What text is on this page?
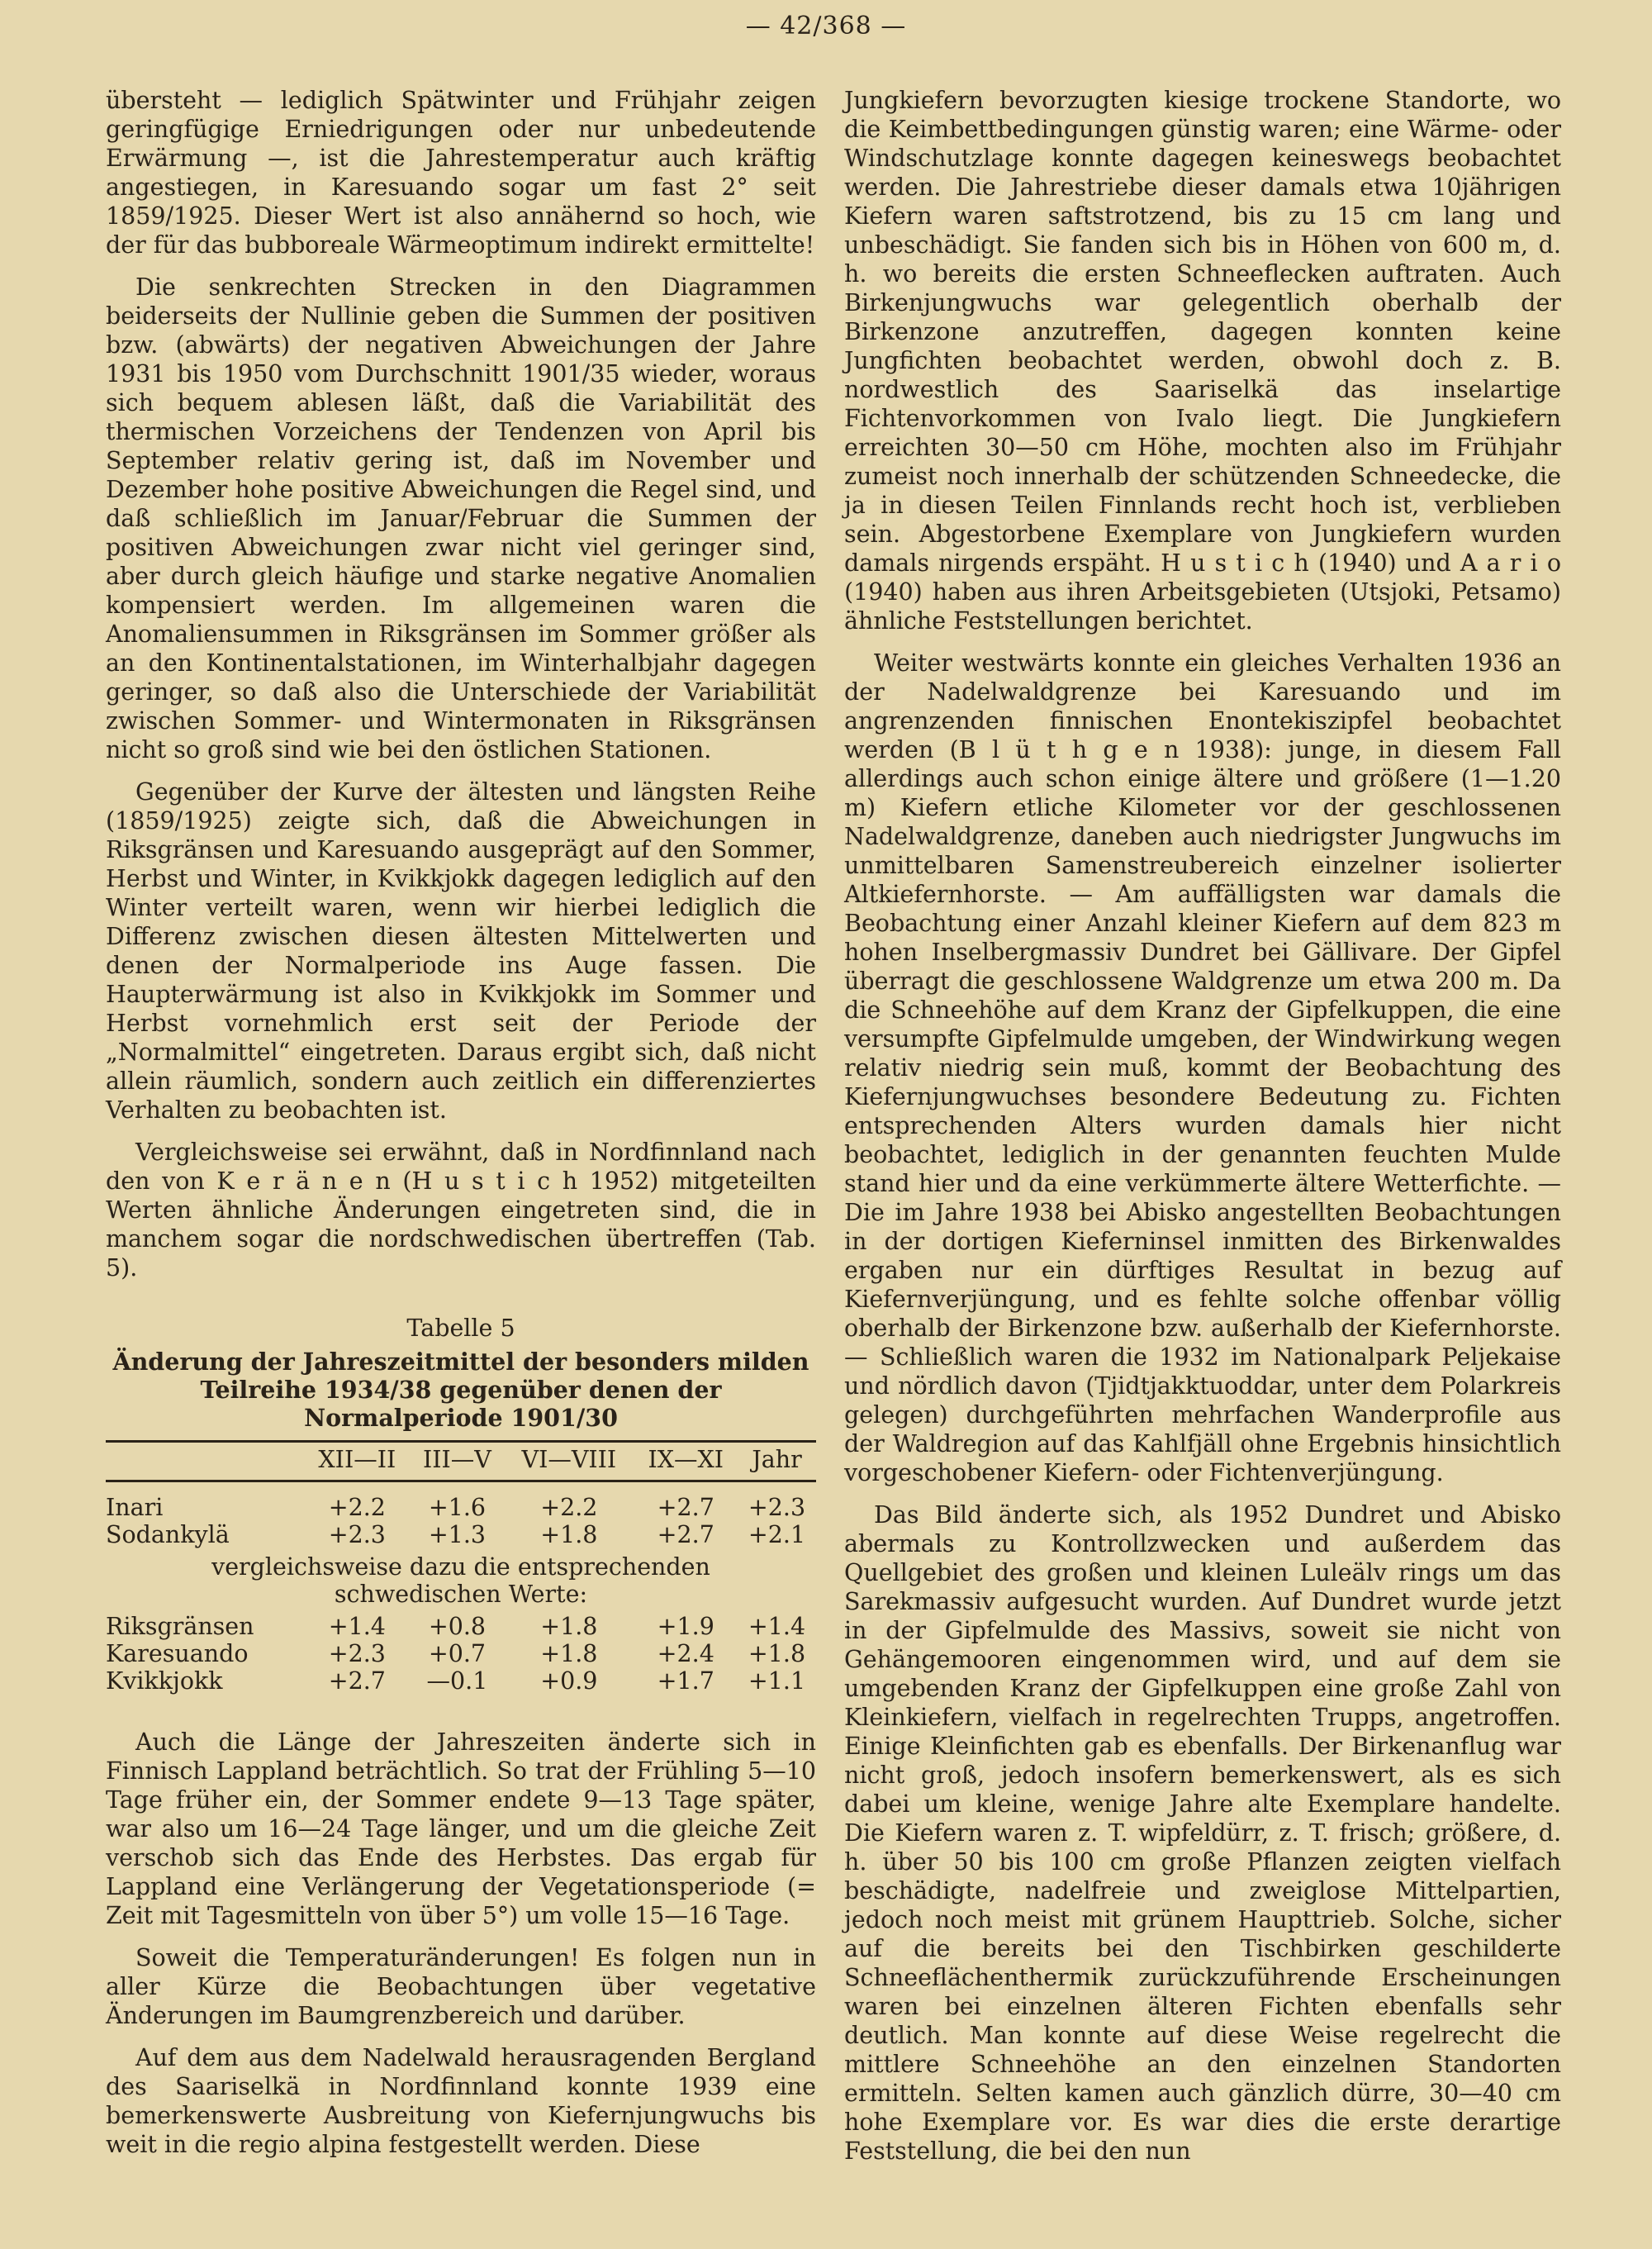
— 42/368 —

übersteht — lediglich Spätwinter und Frühjahr zeigen geringfügige Erniedrigungen oder nur unbedeutende Erwärmung —, ist die Jahrestemperatur auch kräftig angestiegen, in Karesuando sogar um fast 2° seit 1859/1925. Dieser Wert ist also annähernd so hoch, wie der für das bubboreale Wärmeoptimum indirekt ermittelte!

Die senkrechten Strecken in den Diagrammen beiderseits der Nullinie geben die Summen der positiven bzw. (abwärts) der negativen Abweichungen der Jahre 1931 bis 1950 vom Durchschnitt 1901/35 wieder, woraus sich bequem ablesen läßt, daß die Variabilität des thermischen Vorzeichens der Tendenzen von April bis September relativ gering ist, daß im November und Dezember hohe positive Abweichungen die Regel sind, und daß schließlich im Januar/Februar die Summen der positiven Abweichungen zwar nicht viel geringer sind, aber durch gleich häufige und starke negative Anomalien kompensiert werden. Im allgemeinen waren die Anomaliensummen in Riksgränsen im Sommer größer als an den Kontinentalstationen, im Winterhalbjahr dagegen geringer, so daß also die Unterschiede der Variabilität zwischen Sommer- und Wintermonaten in Riksgränsen nicht so groß sind wie bei den östlichen Stationen.

Gegenüber der Kurve der ältesten und längsten Reihe (1859/1925) zeigte sich, daß die Abweichungen in Riksgränsen und Karesuando ausgeprägt auf den Sommer, Herbst und Winter, in Kvikkjokk dagegen lediglich auf den Winter verteilt waren, wenn wir hierbei lediglich die Differenz zwischen diesen ältesten Mittelwerten und denen der Normalperiode ins Auge fassen. Die Haupterwärmung ist also in Kvikkjokk im Sommer und Herbst vornehmlich erst seit der Periode der „Normalmittel“ eingetreten. Daraus ergibt sich, daß nicht allein räumlich, sondern auch zeitlich ein differenziertes Verhalten zu beobachten ist.

Vergleichsweise sei erwähnt, daß in Nordfinnland nach den von K e r ä n e n (H u s t i c h 1952) mitgeteilten Werten ähnliche Änderungen eingetreten sind, die in manchem sogar die nordschwedischen übertreffen (Tab. 5).

Tabelle 5
Änderung der Jahreszeitmittel der besonders milden Teilreihe 1934/38 gegenüber denen der Normalperiode 1901/30
	XII—II	III—V	VI—VIII	IX—XI	Jahr

Inari	+2.2	+1.6	+2.2	+2.7	+2.3
Sodankylä	+2.3	+1.3	+1.8	+2.7	+2.1
vergleichsweise dazu die entsprechenden
schwedischen Werte:					
Riksgränsen	+1.4	+0.8	+1.8	+1.9	+1.4
Karesuando	+2.3	+0.7	+1.8	+2.4	+1.8
Kvikkjokk	+2.7	—0.1	+0.9	+1.7	+1.1

Auch die Länge der Jahreszeiten änderte sich in Finnisch Lappland beträchtlich. So trat der Frühling 5—10 Tage früher ein, der Sommer endete 9—13 Tage später, war also um 16—24 Tage länger, und um die gleiche Zeit verschob sich das Ende des Herbstes. Das ergab für Lappland eine Verlängerung der Vegetationsperiode (= Zeit mit Tagesmitteln von über 5°) um volle 15—16 Tage.

Soweit die Temperaturänderungen! Es folgen nun in aller Kürze die Beobachtungen über vegetative Änderungen im Baumgrenzbereich und darüber.

Auf dem aus dem Nadelwald herausragenden Bergland des Saariselkä in Nordfinnland konnte 1939 eine bemerkenswerte Ausbreitung von Kiefernjungwuchs bis weit in die regio alpina festgestellt werden. Diese

Jungkiefern bevorzugten kiesige trockene Standorte, wo die Keimbettbedingungen günstig waren; eine Wärme- oder Windschutzlage konnte dagegen keineswegs beobachtet werden. Die Jahrestriebe dieser damals etwa 10jährigen Kiefern waren saftstrotzend, bis zu 15 cm lang und unbeschädigt. Sie fanden sich bis in Höhen von 600 m, d. h. wo bereits die ersten Schneeflecken auftraten. Auch Birkenjungwuchs war gelegentlich oberhalb der Birkenzone anzutreffen, dagegen konnten keine Jungfichten beobachtet werden, obwohl doch z. B. nordwestlich des Saariselkä das inselartige Fichtenvorkommen von Ivalo liegt. Die Jungkiefern erreichten 30—50 cm Höhe, mochten also im Frühjahr zumeist noch innerhalb der schützenden Schneedecke, die ja in diesen Teilen Finnlands recht hoch ist, verblieben sein. Abgestorbene Exemplare von Jungkiefern wurden damals nirgends erspäht. H u s t i c h (1940) und A a r i o (1940) haben aus ihren Arbeitsgebieten (Utsjoki, Petsamo) ähnliche Feststellungen berichtet.

Weiter westwärts konnte ein gleiches Verhalten 1936 an der Nadelwaldgrenze bei Karesuando und im angrenzenden finnischen Enontekiszipfel beobachtet werden (B l ü t h g e n 1938): junge, in diesem Fall allerdings auch schon einige ältere und größere (1—1.20 m) Kiefern etliche Kilometer vor der geschlossenen Nadelwaldgrenze, daneben auch niedrigster Jungwuchs im unmittelbaren Samenstreubereich einzelner isolierter Altkiefernhorste. — Am auffälligsten war damals die Beobachtung einer Anzahl kleiner Kiefern auf dem 823 m hohen Inselbergmassiv Dundret bei Gällivare. Der Gipfel überragt die geschlossene Waldgrenze um etwa 200 m. Da die Schneehöhe auf dem Kranz der Gipfelkuppen, die eine versumpfte Gipfelmulde umgeben, der Windwirkung wegen relativ niedrig sein muß, kommt der Beobachtung des Kiefernjungwuchses besondere Bedeutung zu. Fichten entsprechenden Alters wurden damals hier nicht beobachtet, lediglich in der genannten feuchten Mulde stand hier und da eine verkümmerte ältere Wetterfichte. — Die im Jahre 1938 bei Abisko angestellten Beobachtungen in der dortigen Kieferninsel inmitten des Birkenwaldes ergaben nur ein dürftiges Resultat in bezug auf Kiefernverjüngung, und es fehlte solche offenbar völlig oberhalb der Birkenzone bzw. außerhalb der Kiefernhorste. — Schließlich waren die 1932 im Nationalpark Peljekaise und nördlich davon (Tjidtjakktuoddar, unter dem Polarkreis gelegen) durchgeführten mehrfachen Wanderprofile aus der Waldregion auf das Kahlfjäll ohne Ergebnis hinsichtlich vorgeschobener Kiefern- oder Fichtenverjüngung.

Das Bild änderte sich, als 1952 Dundret und Abisko abermals zu Kontrollzwecken und außerdem das Quellgebiet des großen und kleinen Luleälv rings um das Sarekmassiv aufgesucht wurden. Auf Dundret wurde jetzt in der Gipfelmulde des Massivs, soweit sie nicht von Gehängemooren eingenommen wird, und auf dem sie umgebenden Kranz der Gipfelkuppen eine große Zahl von Kleinkiefern, vielfach in regelrechten Trupps, angetroffen. Einige Kleinfichten gab es ebenfalls. Der Birkenanflug war nicht groß, jedoch insofern bemerkenswert, als es sich dabei um kleine, wenige Jahre alte Exemplare handelte. Die Kiefern waren z. T. wipfeldürr, z. T. frisch; größere, d. h. über 50 bis 100 cm große Pflanzen zeigten vielfach beschädigte, nadelfreie und zweiglose Mittelpartien, jedoch noch meist mit grünem Haupttrieb. Solche, sicher auf die bereits bei den Tischbirken geschilderte Schneeflächenthermik zurückzuführende Erscheinungen waren bei einzelnen älteren Fichten ebenfalls sehr deutlich. Man konnte auf diese Weise regelrecht die mittlere Schneehöhe an den einzelnen Standorten ermitteln. Selten kamen auch gänzlich dürre, 30—40 cm hohe Exemplare vor. Es war dies die erste derartige Feststellung, die bei den nun
